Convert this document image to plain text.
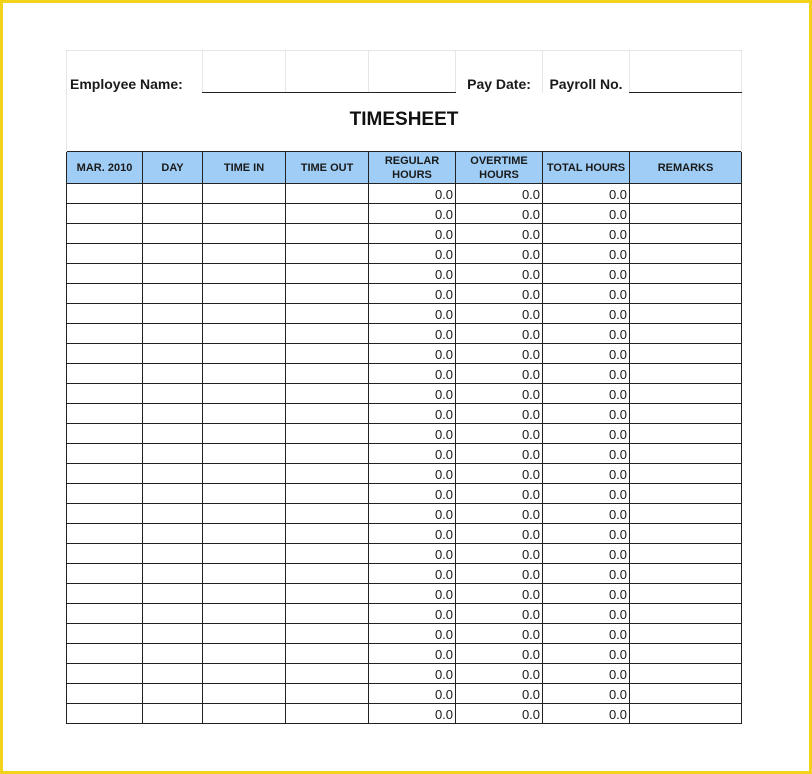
Employee Name:					Pay Date:	Payroll No.	
TIMESHEET							
MAR. 2010	DAY	TIME IN	TIME OUT	REGULAR HOURS	OVERTIME HOURS	TOTAL HOURS	REMARKS
				0.0	0.0	0.0	
				0.0	0.0	0.0	
				0.0	0.0	0.0	
				0.0	0.0	0.0	
				0.0	0.0	0.0	
				0.0	0.0	0.0	
				0.0	0.0	0.0	
				0.0	0.0	0.0	
				0.0	0.0	0.0	
				0.0	0.0	0.0	
				0.0	0.0	0.0	
				0.0	0.0	0.0	
				0.0	0.0	0.0	
				0.0	0.0	0.0	
				0.0	0.0	0.0	
				0.0	0.0	0.0	
				0.0	0.0	0.0	
				0.0	0.0	0.0	
				0.0	0.0	0.0	
				0.0	0.0	0.0	
				0.0	0.0	0.0	
				0.0	0.0	0.0	
				0.0	0.0	0.0	
				0.0	0.0	0.0	
				0.0	0.0	0.0	
				0.0	0.0	0.0	
				0.0	0.0	0.0	
